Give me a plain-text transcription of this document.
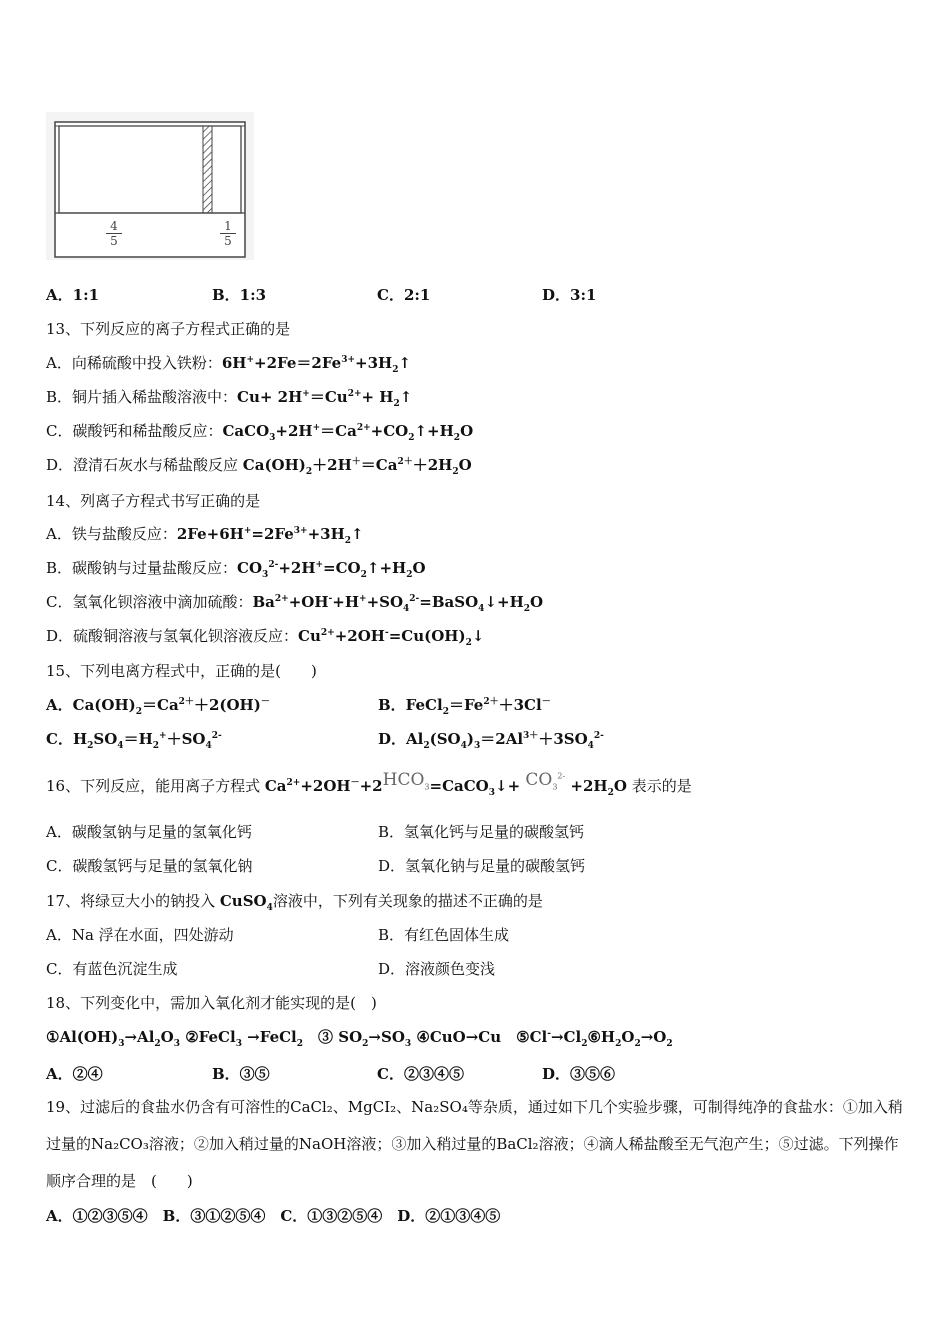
4
5
1
5
A．1:1	B．1:3	C．2:1	D．3:1
13、下列反应的离子方程式正确的是
A．向稀硫酸中投入铁粉：$6H^++2Fe=2Fe^{3+}+3H_2↑$
B．铜片插入稀盐酸溶液中：$Cu+ 2H^+=Cu^{2+}+$ $H_2↑$
C．碳酸钙和稀盐酸反应：$CaCO_3+2H^+=Ca^{2+}+CO_2↑+H_2O$
D．澄清石灰水与稀盐酸反应 $Ca(OH)_2+2H^+=Ca^{2+}+2H_2O$
14、列离子方程式书写正确的是
A．铁与盐酸反应：$2Fe+6H^+=2Fe^{3+}+3H_2↑$
B．碳酸钠与过量盐酸反应：$CO_3^{2-}+2H^+=CO_2↑+H_2O$
C．氢氧化钡溶液中滴加硫酸：$Ba^{2+}+OH^-+H^++SO_4^{2-}=BaSO_4↓+H_2O$
D．硫酸铜溶液与氢氧化钡溶液反应：$Cu^{2+}+2OH^-=Cu(OH)_2↓$
15、下列电离方程式中，正确的是(　　)
A．$Ca(OH)_2=Ca^{2+}+2(OH)^-$	B．$FeCl_2=Fe^{2+}+3Cl^-$
C．$H_2SO_4=H_2^++SO_4^{2-}$	D．$Al_2(SO_4)_3=2Al^{3+}+3SO_4^{2-}$
16、下列反应，能用离子方程式 $Ca^{2+}+2OH^-+2HCO_3=CaCO_3↓+ CO_3^{2-} +2H_2O$ 表示的是
A．碳酸氢钠与足量的氢氧化钙	B．氢氧化钙与足量的碳酸氢钙
C．碳酸氢钙与足量的氢氧化钠	D．氢氧化钠与足量的碳酸氢钙
17、将绿豆大小的钠投入 CuSO$_4$溶液中，下列有关现象的描述不正确的是
A．Na 浮在水面，四处游动	B．有红色固体生成
C．有蓝色沉淀生成	D．溶液颜色变浅
18、下列变化中，需加入氧化剂才能实现的是(　)
$①Al(OH)_3\to Al_2O_3$ ②FeCl$_3$ →FeCl$_2$　③ $SO_2\to SO_3$ ④CuO→Cu　$⑤Cl^-\to Cl_2⑥H_2O_2\to O_2$
A．②④	B．③⑤	C．②③④⑤	D．③⑤⑥
19、过滤后的食盐水仍含有可溶性的CaCl₂、MgCI₂、Na₂SO₄等杂质，通过如下几个实验步骤，可制得纯净的食盐水：①加入稍过量的Na₂CO₃溶液；②加入稍过量的NaOH溶液；③加入稍过量的BaCl₂溶液；④滴人稀盐酸至无气泡产生；⑤过滤。下列操作顺序合理的是　(　　)
A．①②③⑤④　B．③①②⑤④　C．①③②⑤④　D．②①③④⑤
